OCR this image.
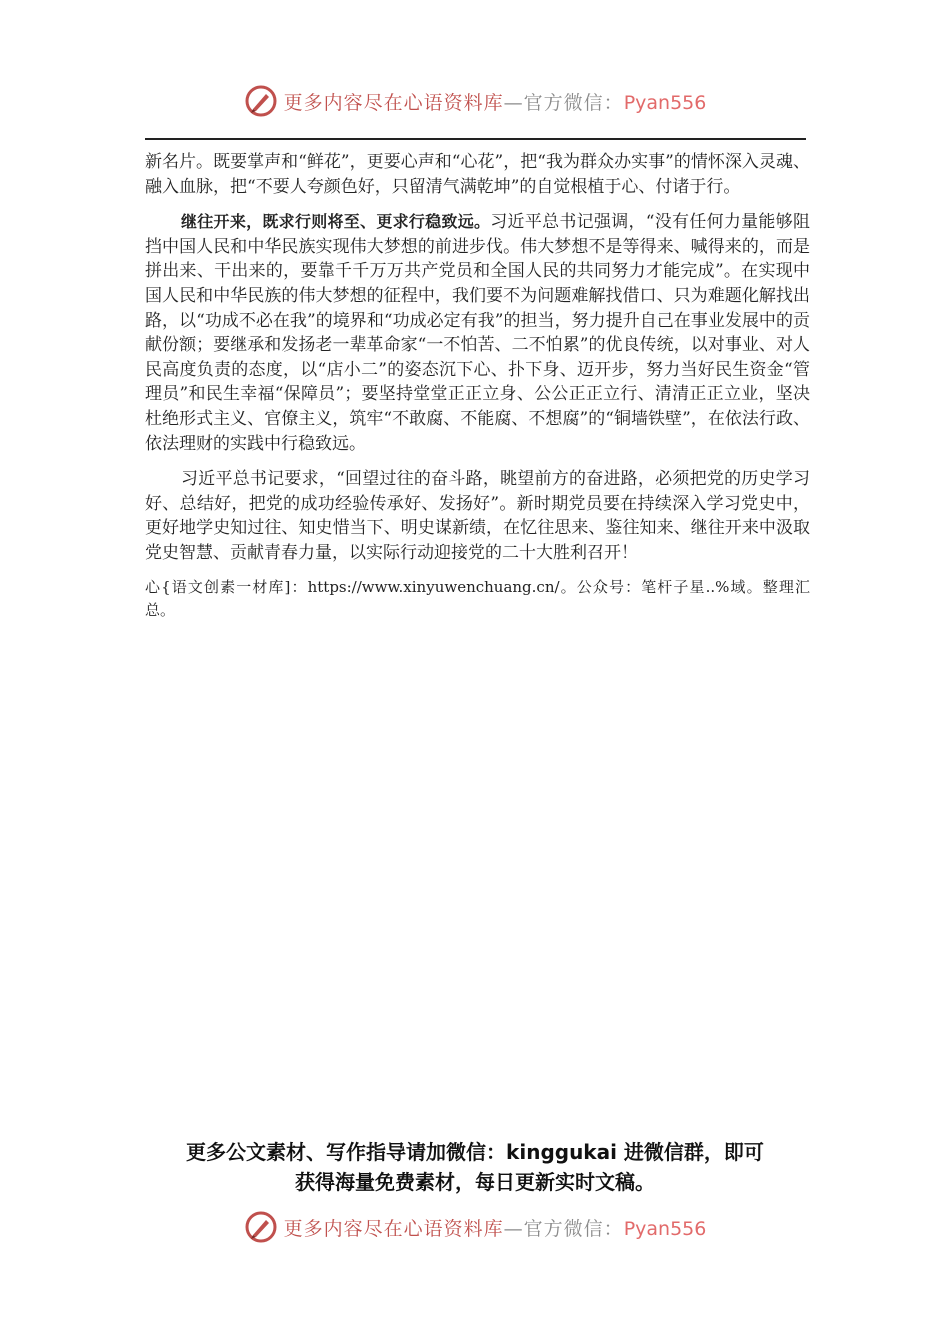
更多内容尽在心语资料库—官方微信：Pyan556

新名片。既要掌声和“鲜花”，更要心声和“心花”，把“我为群众办实事”的情怀深入灵魂、融入血脉，把“不要人夸颜色好，只留清气满乾坤”的自觉根植于心、付诸于行。

继往开来，既求行则将至、更求行稳致远。习近平总书记强调，“没有任何力量能够阻挡中国人民和中华民族实现伟大梦想的前进步伐。伟大梦想不是等得来、喊得来的，而是拼出来、干出来的，要靠千千万万共产党员和全国人民的共同努力才能完成”。在实现中国人民和中华民族的伟大梦想的征程中，我们要不为问题难解找借口、只为难题化解找出路，以“功成不必在我”的境界和“功成必定有我”的担当，努力提升自己在事业发展中的贡献份额；要继承和发扬老一辈革命家“一不怕苦、二不怕累”的优良传统，以对事业、对人民高度负责的态度，以“店小二”的姿态沉下心、扑下身、迈开步，努力当好民生资金“管理员”和民生幸福“保障员”；要坚持堂堂正正立身、公公正正立行、清清正正立业，坚决杜绝形式主义、官僚主义，筑牢“不敢腐、不能腐、不想腐”的“铜墙铁壁”，在依法行政、依法理财的实践中行稳致远。

习近平总书记要求，“回望过往的奋斗路，眺望前方的奋进路，必须把党的历史学习好、总结好，把党的成功经验传承好、发扬好”。新时期党员要在持续深入学习党史中，更好地学史知过往、知史惜当下、明史谋新绩，在忆往思来、鉴往知来、继往开来中汲取党史智慧、贡献青春力量，以实际行动迎接党的二十大胜利召开！

心{语文创素一材库]：https://www.xinyuwenchuang.cn/。公众号：笔杆子星..%域。整理汇总。

更多公文素材、写作指导请加微信：kinggukai 进微信群，即可
获得海量免费素材，每日更新实时文稿。
更多内容尽在心语资料库—官方微信：Pyan556
